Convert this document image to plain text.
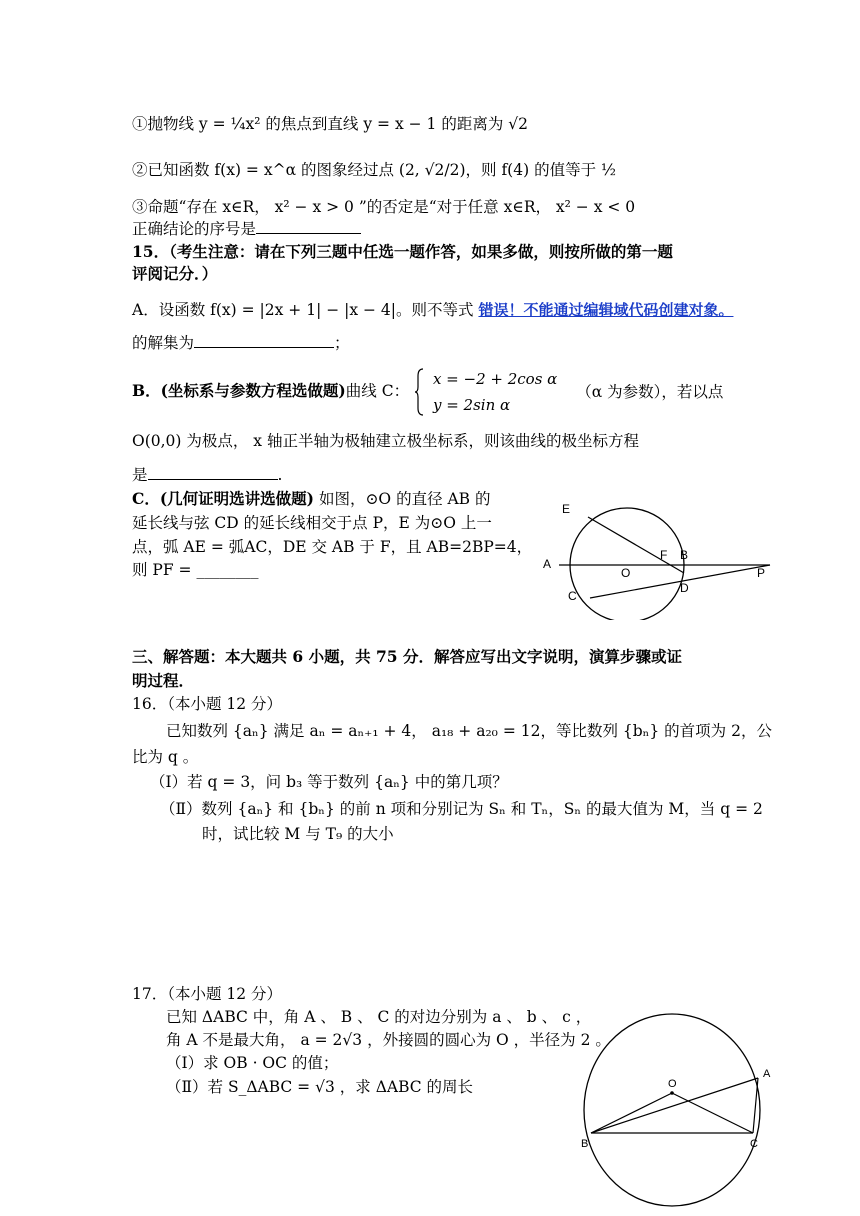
①抛物线 y = ¼x² 的焦点到直线 y = x − 1 的距离为 √2
②已知函数 f(x) = x^α 的图象经过点 (2, √2/2)，则 f(4) 的值等于 ½
③命题“存在 x∈R， x² − x > 0 ”的否定是“对于任意 x∈R， x² − x < 0
正确结论的序号是
15．（考生注意：请在下列三题中任选一题作答，如果多做，则按所做的第一题
评阅记分．）
A．设函数 f(x) = |2x + 1| − |x − 4|。则不等式 错误！不能通过编辑域代码创建对象。
的解集为	；
B．(坐标系与参数方程选做题)曲线 C：  x = −2 + 2cos α
y = 2sin α （α 为参数），若以点
O(0,0) 为极点， x 轴正半轴为极轴建立极坐标系，则该曲线的极坐标方程
是	.
C．(几何证明选讲选做题) 如图，⊙O 的直径 AB 的
延长线与弦 CD 的延长线相交于点 P，E 为⊙O 上一
点，弧 AE = 弧AC，DE 交 AB 于 F，且 AB=2BP=4，
则 PF = ________
E
F B
A
O
D
P
C
三、解答题：本大题共 6 小题，共 75 分．解答应写出文字说明，演算步骤或证
明过程．
16．（本小题 12 分）
已知数列 {aₙ} 满足 aₙ = aₙ₊₁ + 4， a₁₈ + a₂₀ = 12，等比数列 {bₙ} 的首项为 2，公
比为 q 。
（Ⅰ）若 q = 3，问 b₃ 等于数列 {aₙ} 中的第几项？
（Ⅱ）数列 {aₙ} 和 {bₙ} 的前 n 项和分别记为 Sₙ 和 Tₙ，Sₙ 的最大值为 M，当 q = 2
时，试比较 M 与 T₉ 的大小
17．（本小题 12 分）
已知 ΔABC 中，角 A 、 B 、 C 的对边分别为 a 、 b 、 c ，
角 A 不是最大角， a = 2√3 ，外接圆的圆心为 O ，半径为 2 。
（Ⅰ）求 OB · OC 的值；
（Ⅱ）若 S_ΔABC = √3 ，求 ΔABC 的周长	O
A
B	C
